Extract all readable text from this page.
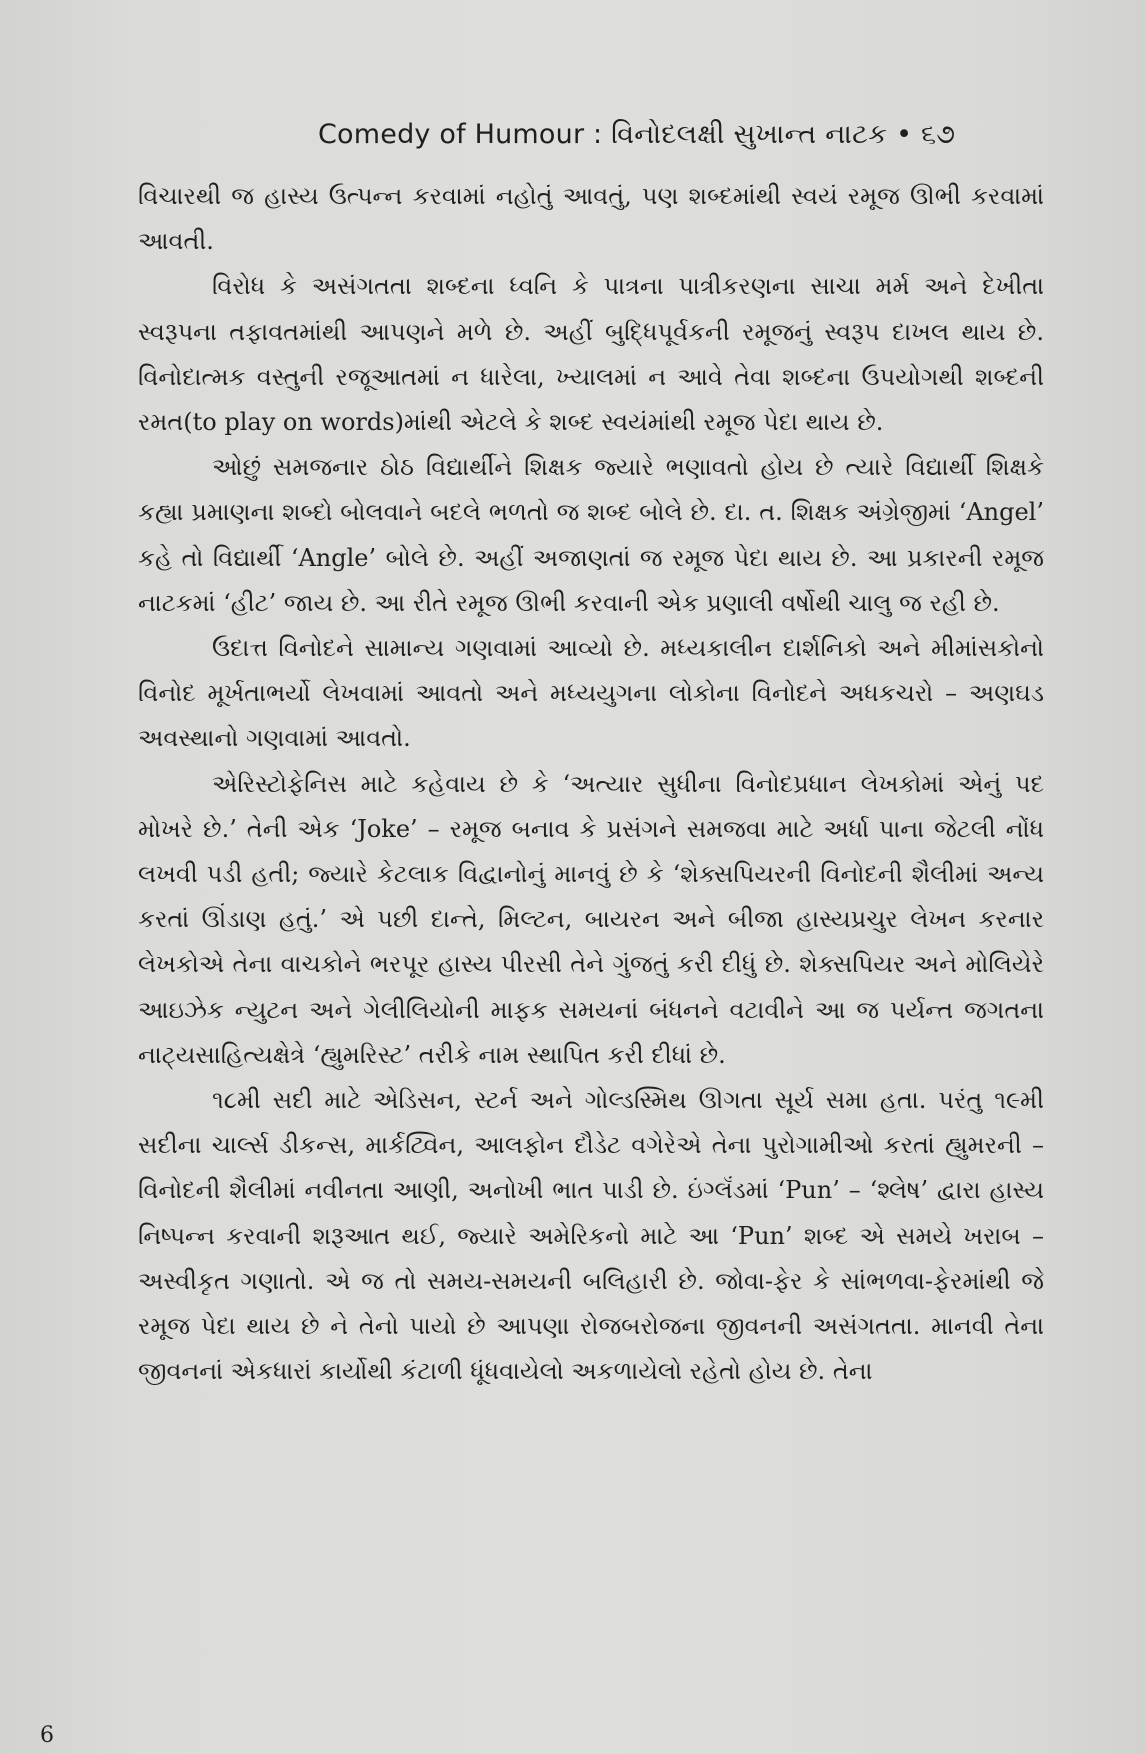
Comedy of Humour : વિનોદલક્ષી સુખાન્ત નાટક • ૬૭

વિચારથી જ હાસ્ય ઉત્પન્ન કરવામાં નહોતું આવતું, પણ શબ્દમાંથી સ્વયં રમૂજ ઊભી કરવામાં આવતી.

વિરોધ કે અસંગતતા શબ્દના ધ્વનિ કે પાત્રના પાત્રીકરણના સાચા મર્મ અને દેખીતા સ્વરૂપના તફાવતમાંથી આપણને મળે છે. અહીં બુદ્ધિપૂર્વકની રમૂજનું સ્વરૂપ દાખલ થાય છે. વિનોદાત્મક વસ્તુની રજૂઆતમાં ન ધારેલા, ખ્યાલમાં ન આવે તેવા શબ્દના ઉપયોગથી શબ્દની રમત(to play on words)માંથી એટલે કે શબ્દ સ્વયંમાંથી રમૂજ પેદા થાય છે.

ઓછું સમજનાર ઠોઠ વિદ્યાર્થીને શિક્ષક જ્યારે ભણાવતો હોય છે ત્યારે વિદ્યાર્થી શિક્ષકે કહ્યા પ્રમાણના શબ્દો બોલવાને બદલે ભળતો જ શબ્દ બોલે છે. દા. ત. શિક્ષક અંગ્રેજીમાં ‘Angel’ કહે તો વિદ્યાર્થી ‘Angle’ બોલે છે. અહીં અજાણતાં જ રમૂજ પેદા થાય છે. આ પ્રકારની રમૂજ નાટકમાં ‘હીટ’ જાય છે. આ રીતે રમૂજ ઊભી કરવાની એક પ્રણાલી વર્ષોથી ચાલુ જ રહી છે.

ઉદાત્ત વિનોદને સામાન્ય ગણવામાં આવ્યો છે. મધ્યકાલીન દાર્શનિકો અને મીમાંસકોનો વિનોદ મૂર્ખતાભર્યો લેખવામાં આવતો અને મધ્યયુગના લોકોના વિનોદને અધકચરો – અણઘડ અવસ્થાનો ગણવામાં આવતો.

એરિસ્ટોફેનિસ માટે કહેવાય છે કે ‘અત્યાર સુધીના વિનોદપ્રધાન લેખકોમાં એનું પદ મોખરે છે.’ તેની એક ‘Joke’ – રમૂજ બનાવ કે પ્રસંગને સમજવા માટે અર્ધા પાના જેટલી નોંધ લખવી પડી હતી; જ્યારે કેટલાક વિદ્વાનોનું માનવું છે કે ‘શેક્સપિયરની વિનોદની શૈલીમાં અન્ય કરતાં ઊંડાણ હતું.’ એ પછી દાન્તે, મિલ્ટન, બાયરન અને બીજા હાસ્યપ્રચુર લેખન કરનાર લેખકોએ તેના વાચકોને ભરપૂર હાસ્ય પીરસી તેને ગુંજતું કરી દીધું છે. શેક્સપિયર અને મોલિયેરે આઇઝેક ન્યુટન અને ગેલીલિયોની માફક સમયનાં બંધનને વટાવીને આ જ પર્યન્ત જગતના નાટ્યસાહિત્યક્ષેત્રે ‘હ્યુમરિસ્ટ’ તરીકે નામ સ્થાપિત કરી દીધાં છે.

૧૮મી સદી માટે એડિસન, સ્ટર્ન અને ગોલ્ડસ્મિથ ઊગતા સૂર્ય સમા હતા. પરંતુ ૧૯મી સદીના ચાર્લ્સ ડીકન્સ, માર્કટ્વિન, આલફોન દૌડેટ વગેરેએ તેના પુરોગામીઓ કરતાં હ્યુમરની – વિનોદની શૈલીમાં નવીનતા આણી, અનોખી ભાત પાડી છે. ઇંગ્લૅંડમાં ‘Pun’ – ‘શ્લેષ’ દ્વારા હાસ્ય નિષ્પન્ન કરવાની શરૂઆત થઈ, જ્યારે અમેરિકનો માટે આ ‘Pun’ શબ્દ એ સમયે ખરાબ – અસ્વીકૃત ગણાતો. એ જ તો સમય-સમયની બલિહારી છે. જોવા-ફેર કે સાંભળવા-ફેરમાંથી જે રમૂજ પેદા થાય છે ને તેનો પાયો છે આપણા રોજબરોજના જીવનની અસંગતતા. માનવી તેના જીવનનાં એકધારાં કાર્યોથી કંટાળી ધૂંધવાયેલો અકળાયેલો રહેતો હોય છે. તેના

6
